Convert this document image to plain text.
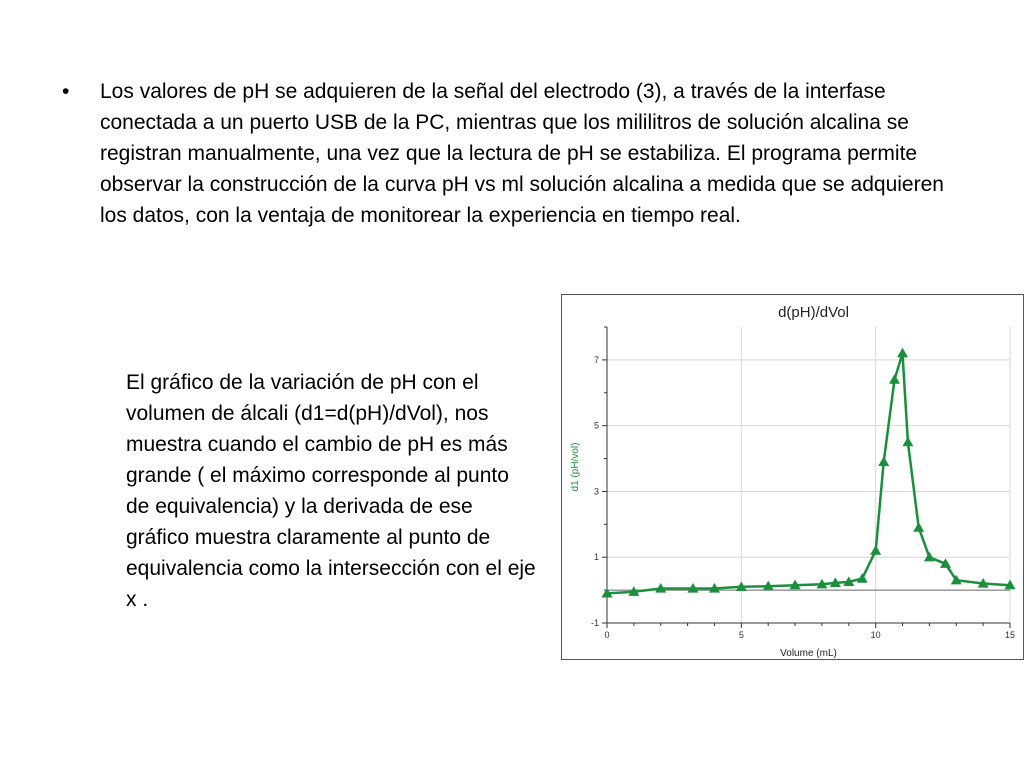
•	Los valores de pH se adquieren de la señal del electrodo (3), a través de la interfase conectada a un puerto USB de la PC, mientras que los mililitros de solución alcalina se registran manualmente, una vez que la lectura de pH se estabiliza. El programa permite observar la construcción de la curva pH vs ml solución alcalina a medida que se adquieren los datos, con la ventaja de monitorear la experiencia en tiempo real.
El gráfico de la variación de pH con el volumen de álcali (d1=d(pH)/dVol), nos muestra cuando el cambio de pH es más grande ( el máximo corresponde al punto de equivalencia) y la derivada de ese gráfico muestra claramente al punto de equivalencia como la intersección con el eje x .
d(pH)/dVol
-1
1
3
5
7
0	5	10	15
Volume (mL)
d1 (pH/vol)
